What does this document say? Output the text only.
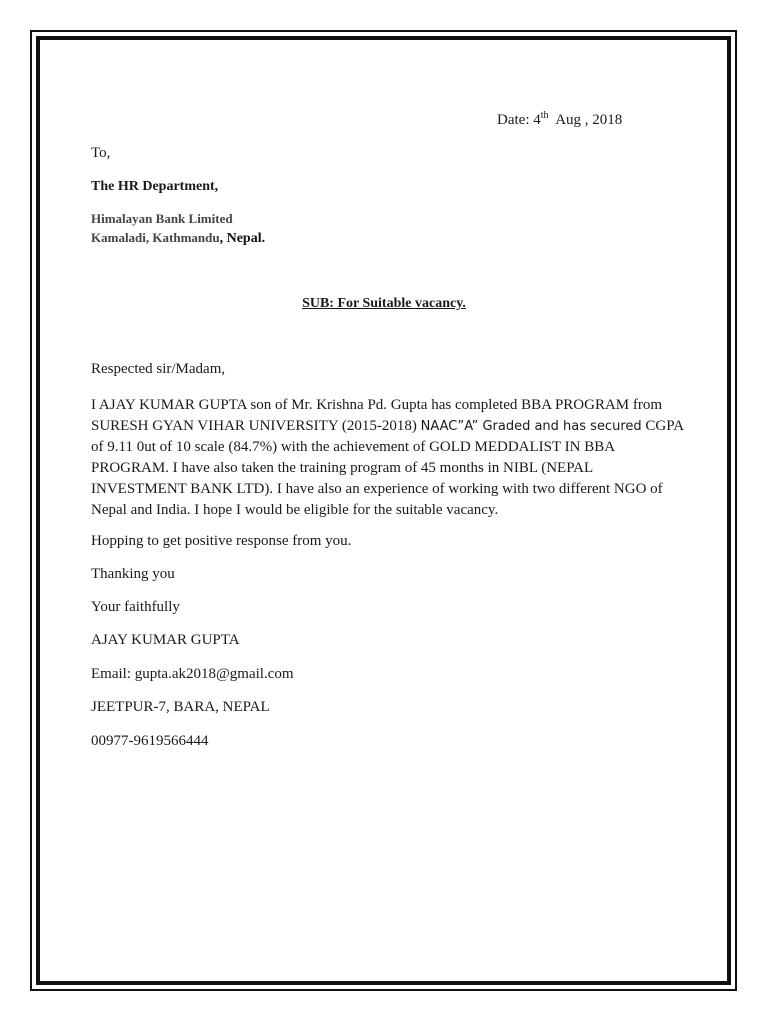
Date: 4th  Aug , 2018
To,
The HR Department,
Himalayan Bank Limited
Kamaladi, Kathmandu, Nepal.
SUB: For Suitable vacancy.
Respected sir/Madam,
I AJAY KUMAR GUPTA son of Mr. Krishna Pd. Gupta has completed BBA PROGRAM from SURESH GYAN VIHAR UNIVERSITY (2015-2018) NAAC”A” Graded and has secured CGPA of 9.11 0ut of 10 scale (84.7%) with the achievement of GOLD MEDDALIST IN BBA PROGRAM. I have also taken the training program of 45 months in NIBL (NEPAL INVESTMENT BANK LTD). I have also an experience of working with two different NGO of Nepal and India. I hope I would be eligible for the suitable vacancy.
Hopping to get positive response from you.
Thanking you
Your faithfully
AJAY KUMAR GUPTA
Email: gupta.ak2018@gmail.com
JEETPUR-7, BARA, NEPAL
00977-9619566444
